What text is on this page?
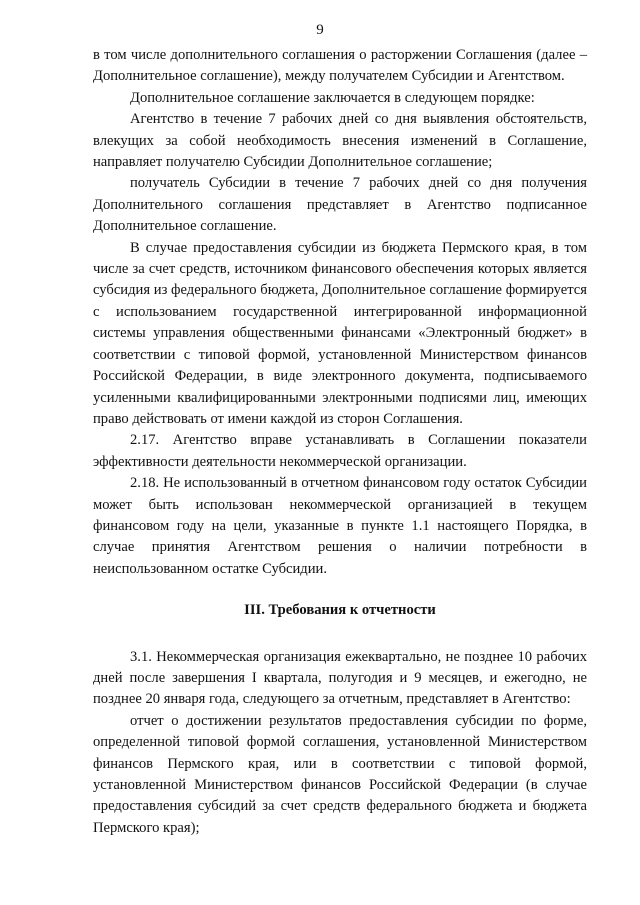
9

в том числе дополнительного соглашения о расторжении Соглашения (далее – Дополнительное соглашение), между получателем Субсидии и Агентством.

Дополнительное соглашение заключается в следующем порядке:

Агентство в течение 7 рабочих дней со дня выявления обстоятельств, влекущих за собой необходимость внесения изменений в Соглашение, направляет получателю Субсидии Дополнительное соглашение;

получатель Субсидии в течение 7 рабочих дней со дня получения Дополнительного соглашения представляет в Агентство подписанное Дополнительное соглашение.

В случае предоставления субсидии из бюджета Пермского края, в том числе за счет средств, источником финансового обеспечения которых является субсидия из федерального бюджета, Дополнительное соглашение формируется с использованием государственной интегрированной информационной системы управления общественными финансами «Электронный бюджет» в соответствии с типовой формой, установленной Министерством финансов Российской Федерации, в виде электронного документа, подписываемого усиленными квалифицированными электронными подписями лиц, имеющих право действовать от имени каждой из сторон Соглашения.

2.17. Агентство вправе устанавливать в Соглашении показатели эффективности деятельности некоммерческой организации.

2.18. Не использованный в отчетном финансовом году остаток Субсидии может быть использован некоммерческой организацией в текущем финансовом году на цели, указанные в пункте 1.1 настоящего Порядка, в случае принятия Агентством решения о наличии потребности в неиспользованном остатке Субсидии.

III. Требования к отчетности

3.1. Некоммерческая организация ежеквартально, не позднее 10 рабочих дней после завершения I квартала, полугодия и 9 месяцев, и ежегодно, не позднее 20 января года, следующего за отчетным, представляет в Агентство:

отчет о достижении результатов предоставления субсидии по форме, определенной типовой формой соглашения, установленной Министерством финансов Пермского края, или в соответствии с типовой формой, установленной Министерством финансов Российской Федерации (в случае предоставления субсидий за счет средств федерального бюджета и бюджета Пермского края);
